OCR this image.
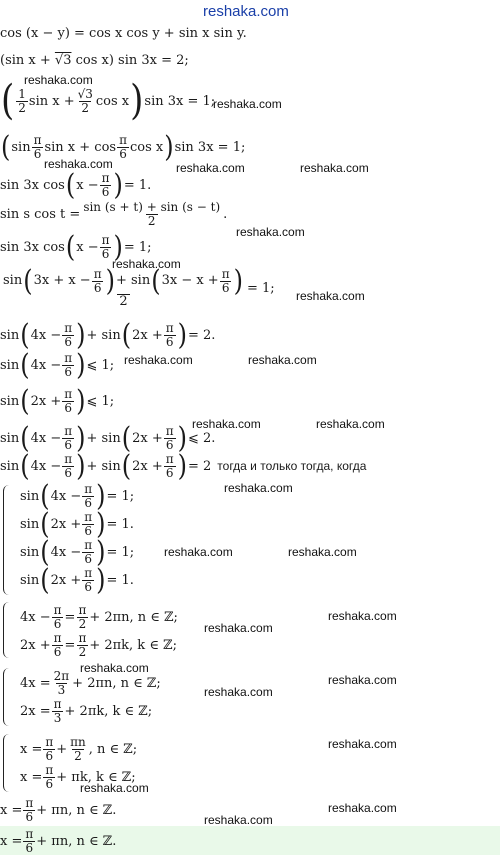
reshaka.com
reshaka.com
reshaka.com
reshaka.com	reshaka.com	reshaka.com
reshaka.com
reshaka.com
reshaka.com
reshaka.com	reshaka.com
reshaka.com	reshaka.com
reshaka.com
reshaka.com	reshaka.com
reshaka.com
reshaka.com
reshaka.com
reshaka.com
reshaka.com
reshaka.com
reshaka.com
reshaka.com
reshaka.com
cos (x − y) = cos x cos y + sin x sin y.
(sin x + √3 cos x) sin 3x = 2;
( $\frac{1}{2}$ $\sin x + \frac{√3}{2}$ cos x ) sin 3x = 1;
( $\sin \frac{\pi}{6}$ $\sin x + \cos \frac{\pi}{6}$ cos x ) sin 3x = 1;
sin 3x cos ( $x - \frac{\pi}{6}$ ) = 1.
sin s $\cos t = \frac{\sin (s + t) + \sin (s - t)}{2}$ .
sin 3x cos ( $x - \frac{\pi}{6}$ ) = 1;
sin ( $3x + x - \frac{\pi}{6}$ ) + sin ( $3x - x + \frac{\pi}{6}$ )
2
= 1;
sin ( $4x - \frac{\pi}{6}$ ) + sin ( $2x + \frac{\pi}{6}$ ) = 2.
sin ( $4x - \frac{\pi}{6}$ ) ⩽ 1;
sin ( $2x + \frac{\pi}{6}$ ) ⩽ 1;
sin ( $4x - \frac{\pi}{6}$ ) + sin ( $2x + \frac{\pi}{6}$ ) ⩽ 2.
sin ( $4x - \frac{\pi}{6}$ ) + sin ( $2x + \frac{\pi}{6}$ ) = 2 тогда и только тогда, когда
sin ( $4x - \frac{\pi}{6}$ ) = 1;
sin ( $2x + \frac{\pi}{6}$ ) = 1.
sin ( $4x - \frac{\pi}{6}$ ) = 1;
sin ( $2x + \frac{\pi}{6}$ ) = 1.
$4x - \frac{\pi}{6} = \frac{\pi}{2} + 2\pi n$, n ∈ ℤ;
$2x + \frac{\pi}{6} = \frac{\pi}{2} + 2\pi k$, k ∈ ℤ;
$4x = \frac{2\pi}{3} + 2\pi n$, n ∈ ℤ;
$2x = \frac{\pi}{3} + 2\pi k$, k ∈ ℤ;
$x = \frac{\pi}{6} + \frac{\pi n}{2}$ , n ∈ ℤ;
$x = \frac{\pi}{6} + \pi k$, k ∈ ℤ;
$x = \frac{\pi}{6} + \pi n$, n ∈ ℤ.
$x = \frac{\pi}{6} + \pi n$, n ∈ ℤ.
